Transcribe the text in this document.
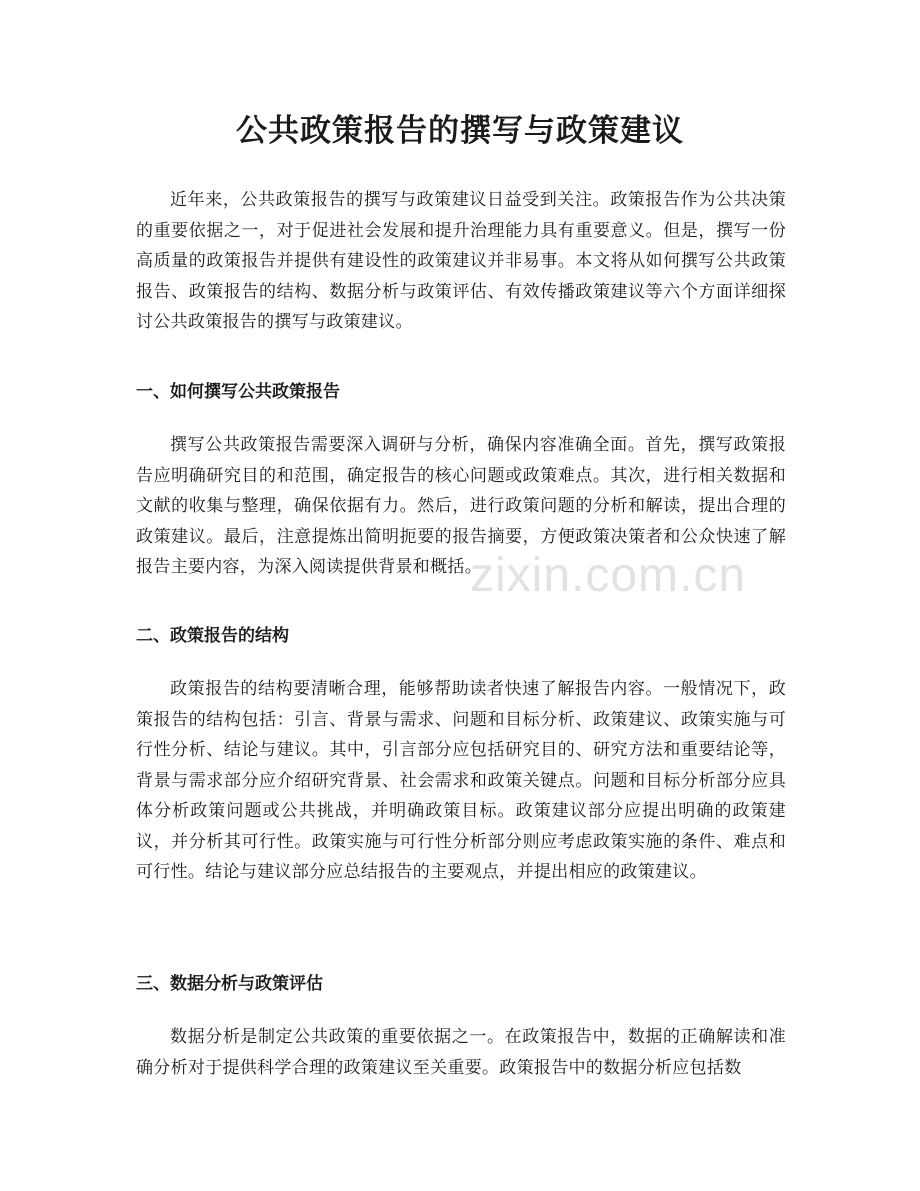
公共政策报告的撰写与政策建议

近年来，公共政策报告的撰写与政策建议日益受到关注。政策报告作为公共决策的重要依据之一，对于促进社会发展和提升治理能力具有重要意义。但是，撰写一份高质量的政策报告并提供有建设性的政策建议并非易事。本文将从如何撰写公共政策报告、政策报告的结构、数据分析与政策评估、有效传播政策建议等六个方面详细探讨公共政策报告的撰写与政策建议。

一、如何撰写公共政策报告

撰写公共政策报告需要深入调研与分析，确保内容准确全面。首先，撰写政策报告应明确研究目的和范围，确定报告的核心问题或政策难点。其次，进行相关数据和文献的收集与整理，确保依据有力。然后，进行政策问题的分析和解读，提出合理的政策建议。最后，注意提炼出简明扼要的报告摘要，方便政策决策者和公众快速了解报告主要内容，为深入阅读提供背景和概括。

二、政策报告的结构

政策报告的结构要清晰合理，能够帮助读者快速了解报告内容。一般情况下，政策报告的结构包括：引言、背景与需求、问题和目标分析、政策建议、政策实施与可行性分析、结论与建议。其中，引言部分应包括研究目的、研究方法和重要结论等，背景与需求部分应介绍研究背景、社会需求和政策关键点。问题和目标分析部分应具体分析政策问题或公共挑战，并明确政策目标。政策建议部分应提出明确的政策建议，并分析其可行性。政策实施与可行性分析部分则应考虑政策实施的条件、难点和可行性。结论与建议部分应总结报告的主要观点，并提出相应的政策建议。

三、数据分析与政策评估

数据分析是制定公共政策的重要依据之一。在政策报告中，数据的正确解读和准确分析对于提供科学合理的政策建议至关重要。政策报告中的数据分析应包括数

zixin.com.cn
